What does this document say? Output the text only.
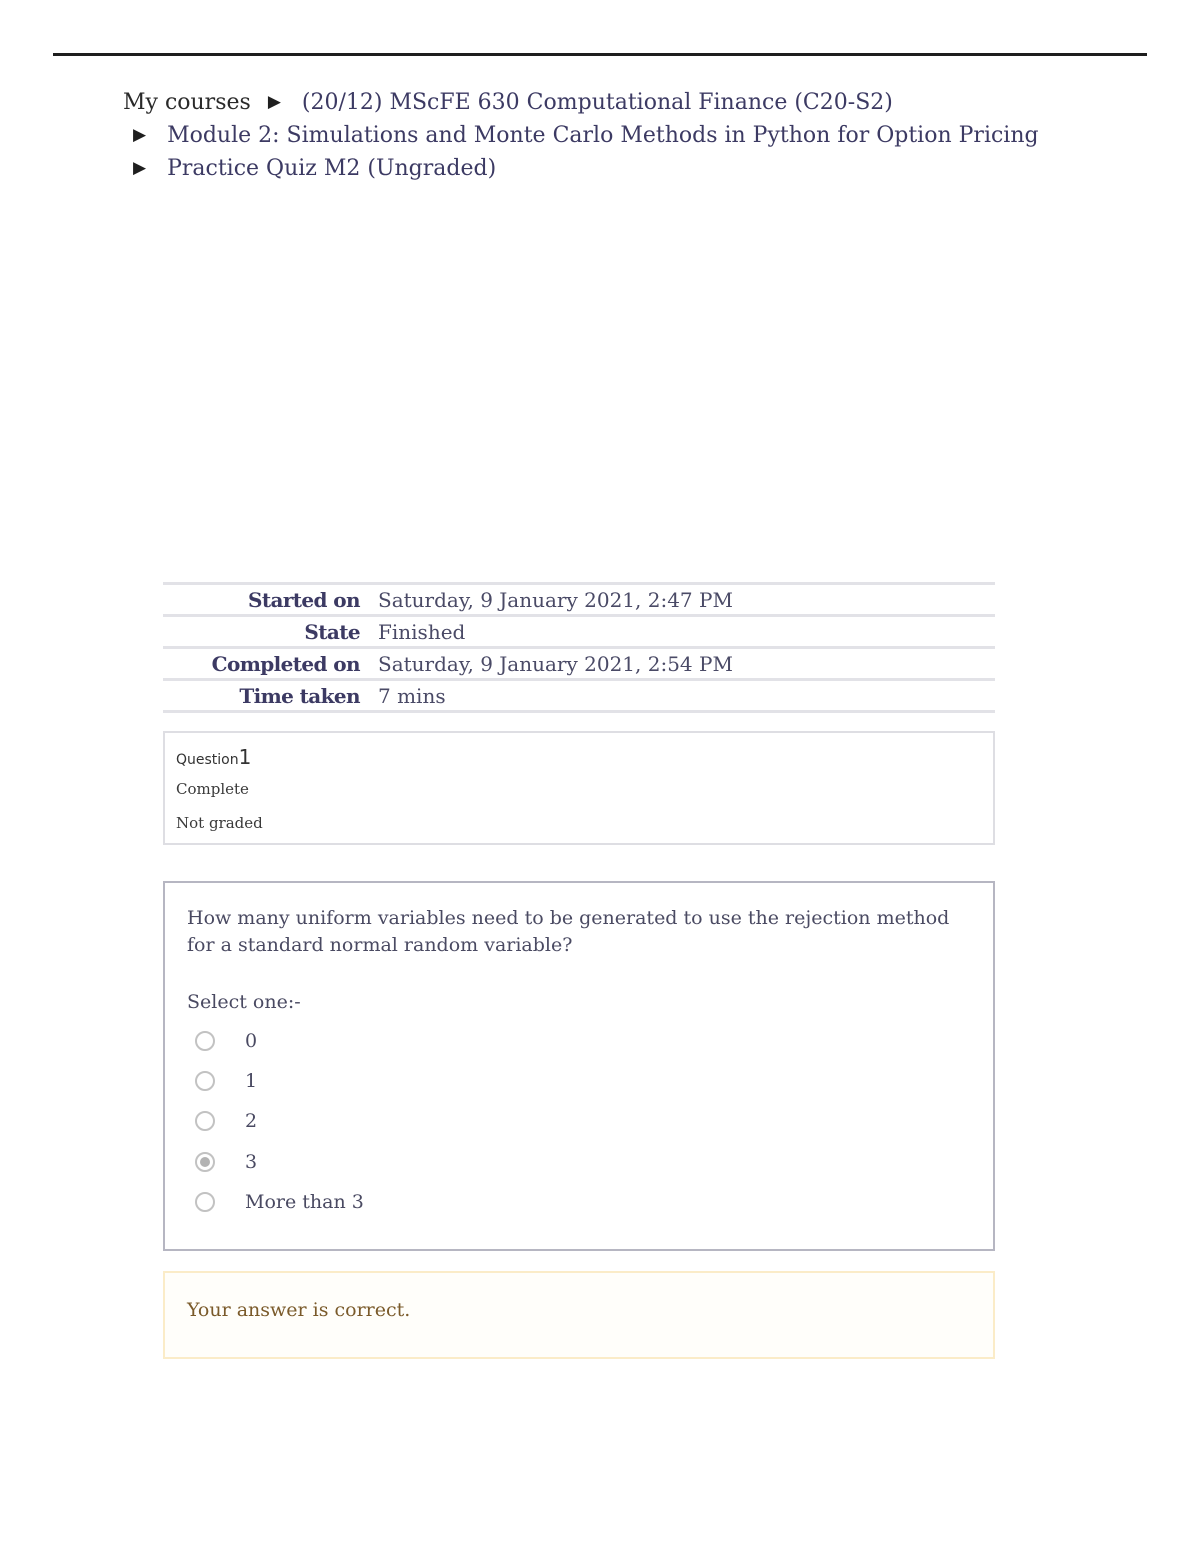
My courses ▶ (20/12) MScFE 630 Computational Finance (C20-S2)
▶ Module 2: Simulations and Monte Carlo Methods in Python for Option Pricing
▶ Practice Quiz M2 (Ungraded)
Started on	Saturday, 9 January 2021, 2:47 PM
State	Finished
Completed on	Saturday, 9 January 2021, 2:54 PM
Time taken	7 mins
Question1
Complete
Not graded
How many uniform variables need to be generated to use the rejection method for a standard normal random variable?
Select one:-
0
1
2
3
More than 3
Your answer is correct.
